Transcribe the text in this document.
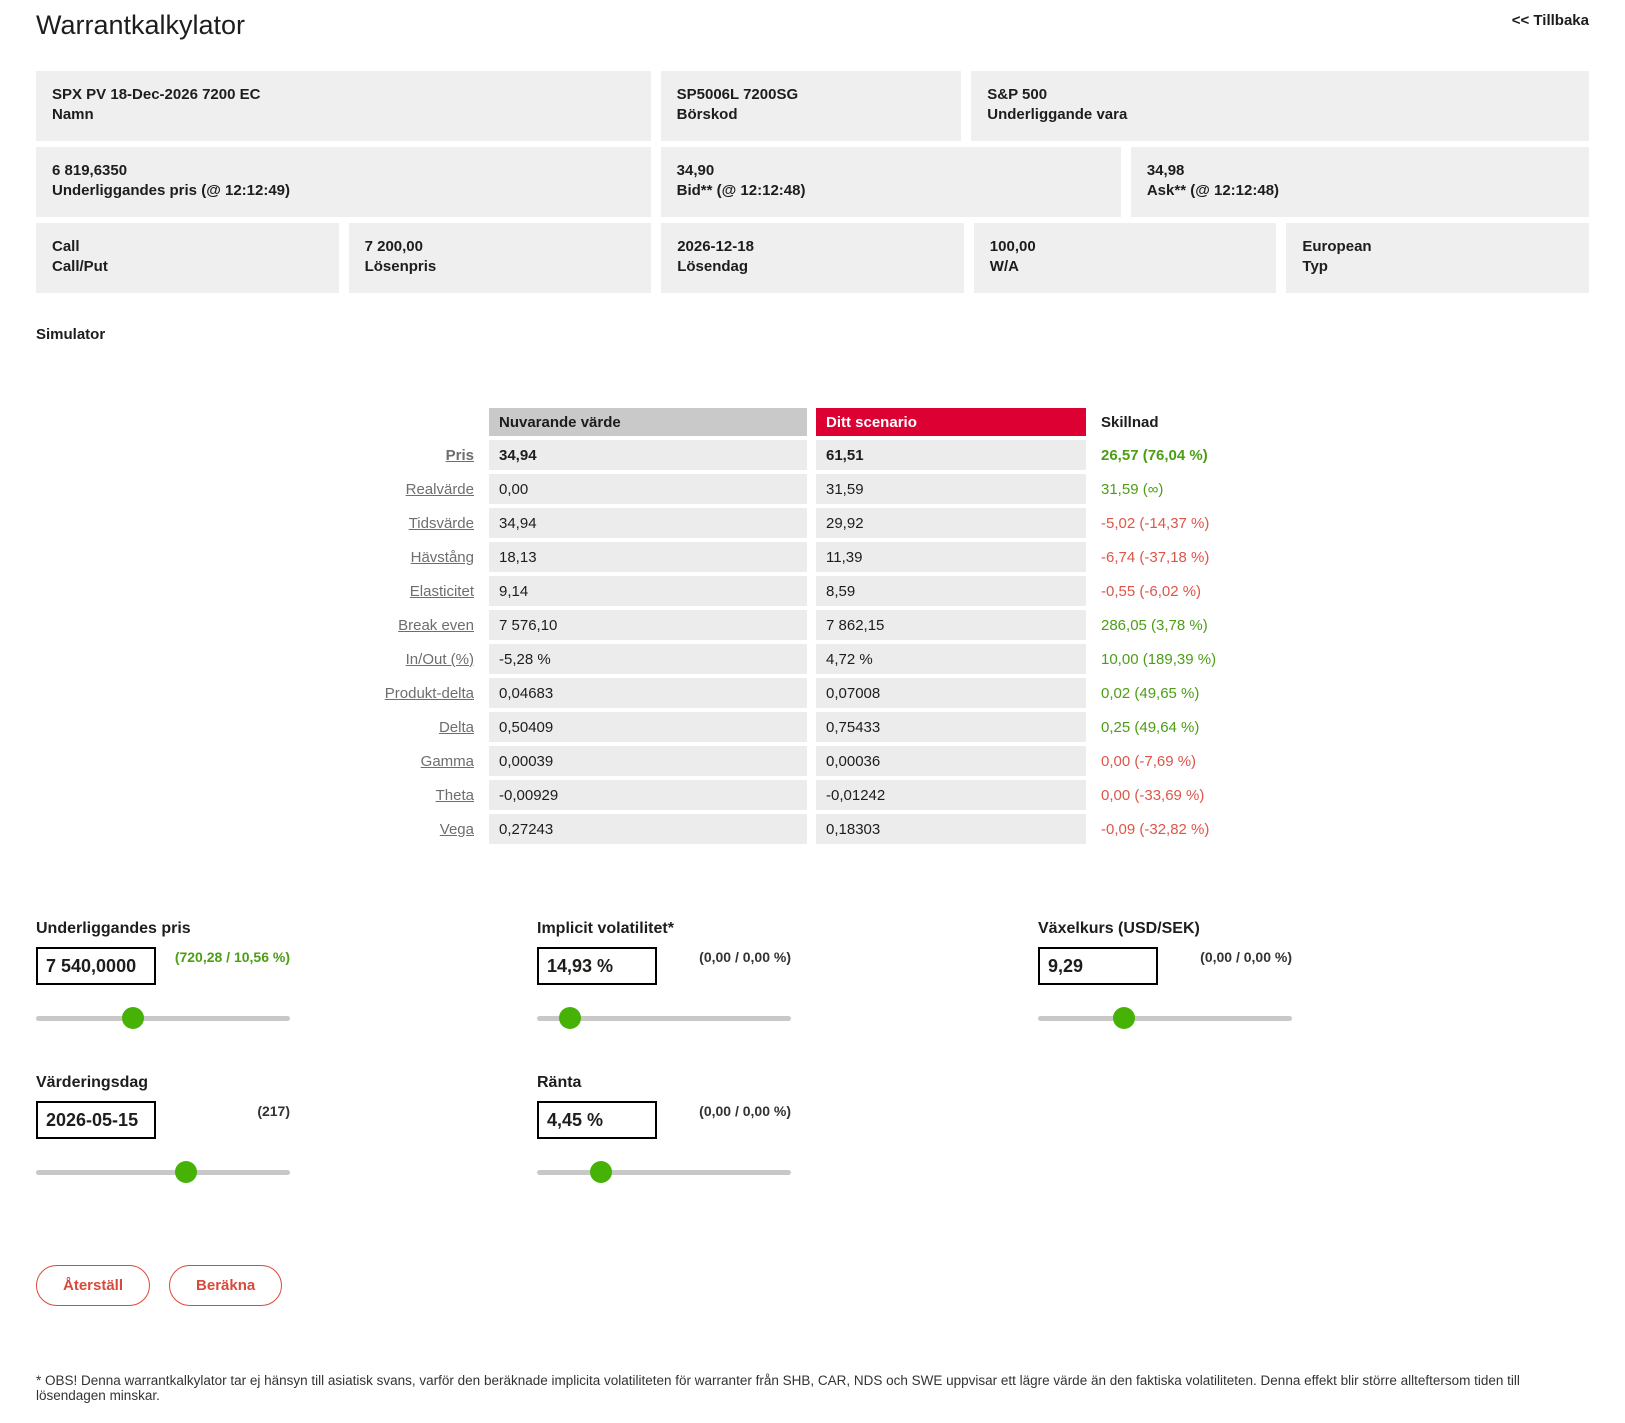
Warrantkalkylator	<< Tillbaka
SPX PV 18-Dec-2026 7200 EC
Namn
SP5006L 7200SG
Börskod
S&P 500
Underliggande vara
6 819,6350
Underliggandes pris (@ 12:12:49)
34,90
Bid** (@ 12:12:48)
34,98
Ask** (@ 12:12:48)
Call
Call/Put
7 200,00
Lösenpris
2026-12-18
Lösendag
100,00
W/A
European
Typ
Simulator
Nuvarande värde	Ditt scenario	Skillnad
Pris	34,94	61,51	26,57 (76,04 %)
Realvärde	0,00	31,59	31,59 (∞)
Tidsvärde	34,94	29,92	-5,02 (-14,37 %)
Hävstång	18,13	11,39	-6,74 (-37,18 %)
Elasticitet	9,14	8,59	-0,55 (-6,02 %)
Break even	7 576,10	7 862,15	286,05 (3,78 %)
In/Out (%)	-5,28 %	4,72 %	10,00 (189,39 %)
Produkt-delta	0,04683	0,07008	0,02 (49,65 %)
Delta	0,50409	0,75433	0,25 (49,64 %)
Gamma	0,00039	0,00036	0,00 (-7,69 %)
Theta	-0,00929	-0,01242	0,00 (-33,69 %)
Vega	0,27243	0,18303	-0,09 (-32,82 %)
Underliggandes pris
7 540,0000
(720,28 / 10,56 %)
Implicit volatilitet*
14,93 %
(0,00 / 0,00 %)
Växelkurs (USD/SEK)
9,29
(0,00 / 0,00 %)
Värderingsdag
2026-05-15
(217)
Ränta
4,45 %
(0,00 / 0,00 %)
Återställ	Beräkna
* OBS! Denna warrantkalkylator tar ej hänsyn till asiatisk svans, varför den beräknade implicita volatiliteten för warranter från SHB, CAR, NDS och SWE uppvisar ett lägre värde än den faktiska volatiliteten. Denna effekt blir större allteftersom tiden till lösendagen minskar.
